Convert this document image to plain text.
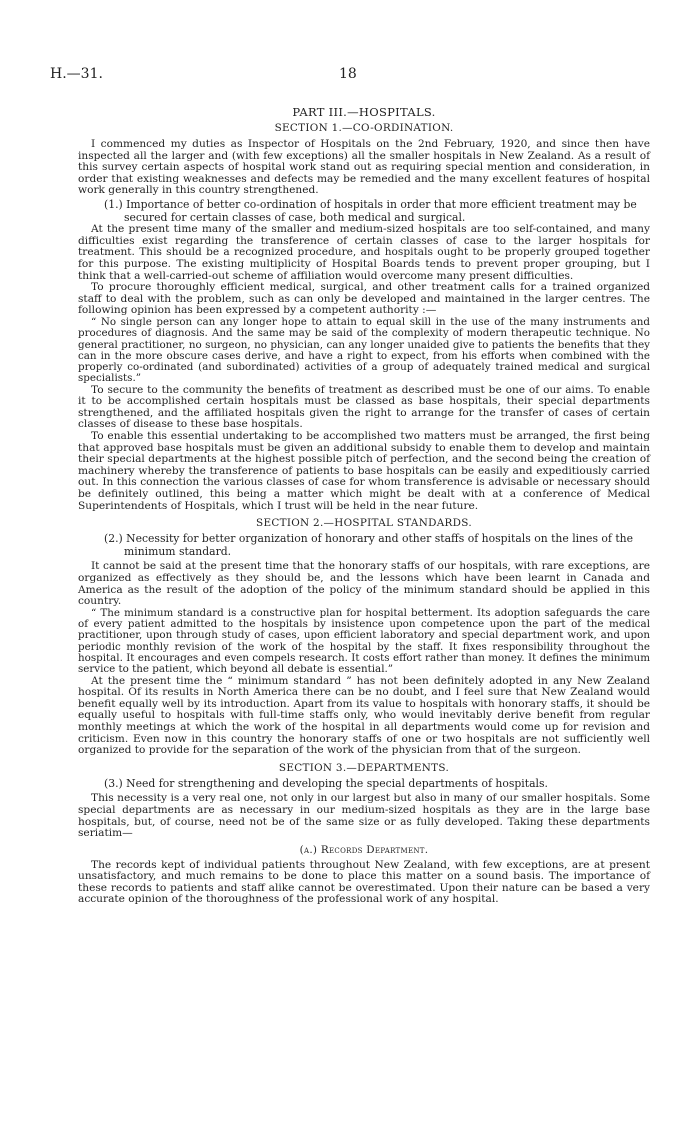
H.—31.	18

PART III.—HOSPITALS.

SECTION 1.—CO-ORDINATION.

I commenced my duties as Inspector of Hospitals on the 2nd February, 1920, and since then have inspected all the larger and (with few exceptions) all the smaller hospitals in New Zealand. As a result of this survey certain aspects of hospital work stand out as requiring special mention and consideration, in order that existing weaknesses and defects may be remedied and the many excellent features of hospital work generally in this country strengthened.

(1.) Importance of better co-ordination of hospitals in order that more efficient treatment may be secured for certain classes of case, both medical and surgical.

At the present time many of the smaller and medium-sized hospitals are too self-contained, and many difficulties exist regarding the transference of certain classes of case to the larger hospitals for treatment. This should be a recognized procedure, and hospitals ought to be properly grouped together for this purpose. The existing multiplicity of Hospital Boards tends to prevent proper grouping, but I think that a well-carried-out scheme of affiliation would overcome many present difficulties.

To procure thoroughly efficient medical, surgical, and other treatment calls for a trained organized staff to deal with the problem, such as can only be developed and maintained in the larger centres. The following opinion has been expressed by a competent authority :—

“ No single person can any longer hope to attain to equal skill in the use of the many instruments and procedures of diagnosis. And the same may be said of the complexity of modern therapeutic technique. No general practitioner, no surgeon, no physician, can any longer unaided give to patients the benefits that they can in the more obscure cases derive, and have a right to expect, from his efforts when combined with the properly co-ordinated (and subordinated) activities of a group of adequately trained medical and surgical specialists.”

To secure to the community the benefits of treatment as described must be one of our aims. To enable it to be accomplished certain hospitals must be classed as base hospitals, their special departments strengthened, and the affiliated hospitals given the right to arrange for the transfer of cases of certain classes of disease to these base hospitals.

To enable this essential undertaking to be accomplished two matters must be arranged, the first being that approved base hospitals must be given an additional subsidy to enable them to develop and maintain their special departments at the highest possible pitch of perfection, and the second being the creation of machinery whereby the transference of patients to base hospitals can be easily and expeditiously carried out. In this connection the various classes of case for whom transference is advisable or necessary should be definitely outlined, this being a matter which might be dealt with at a conference of Medical Superintendents of Hospitals, which I trust will be held in the near future.

SECTION 2.—HOSPITAL STANDARDS.

(2.) Necessity for better organization of honorary and other staffs of hospitals on the lines of the minimum standard.

It cannot be said at the present time that the honorary staffs of our hospitals, with rare exceptions, are organized as effectively as they should be, and the lessons which have been learnt in Canada and America as the result of the adoption of the policy of the minimum standard should be applied in this country.

“ The minimum standard is a constructive plan for hospital betterment. Its adoption safeguards the care of every patient admitted to the hospitals by insistence upon competence upon the part of the medical practitioner, upon through study of cases, upon efficient laboratory and special department work, and upon periodic monthly revision of the work of the hospital by the staff. It fixes responsibility throughout the hospital. It encourages and even compels research. It costs effort rather than money. It defines the minimum service to the patient, which beyond all debate is essential.”

At the present time the “ minimum standard ” has not been definitely adopted in any New Zealand hospital. Of its results in North America there can be no doubt, and I feel sure that New Zealand would benefit equally well by its introduction. Apart from its value to hospitals with honorary staffs, it should be equally useful to hospitals with full-time staffs only, who would inevitably derive benefit from regular monthly meetings at which the work of the hospital in all departments would come up for revision and criticism. Even now in this country the honorary staffs of one or two hospitals are not sufficiently well organized to provide for the separation of the work of the physician from that of the surgeon.

SECTION 3.—DEPARTMENTS.

(3.) Need for strengthening and developing the special departments of hospitals.

This necessity is a very real one, not only in our largest but also in many of our smaller hospitals. Some special departments are as necessary in our medium-sized hospitals as they are in the large base hospitals, but, of course, need not be of the same size or as fully developed. Taking these departments seriatim—

(a.) Records Department.

The records kept of individual patients throughout New Zealand, with few exceptions, are at present unsatisfactory, and much remains to be done to place this matter on a sound basis. The importance of these records to patients and staff alike cannot be overestimated. Upon their nature can be based a very accurate opinion of the thoroughness of the professional work of any hospital.
